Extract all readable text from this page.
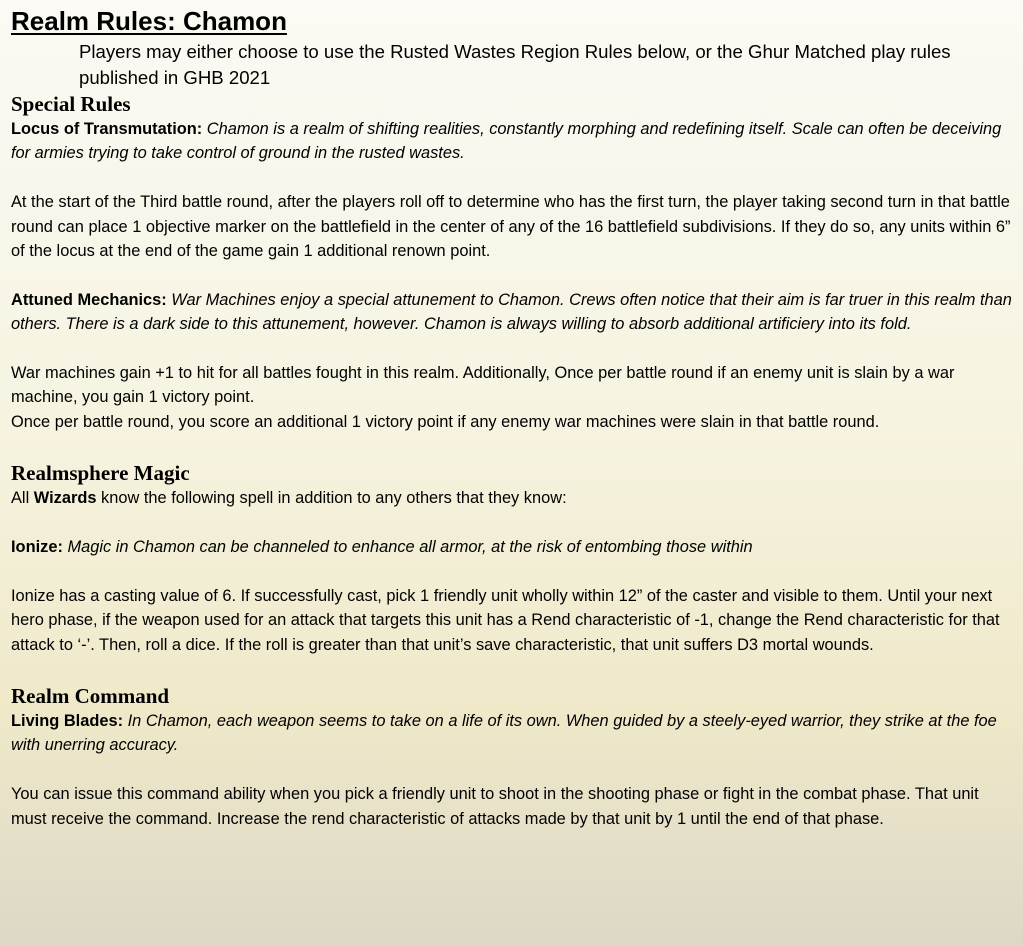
Realm Rules: Chamon
Players may either choose to use the Rusted Wastes Region Rules below, or the Ghur Matched play rules published in GHB 2021
Special Rules

Locus of Transmutation: Chamon is a realm of shifting realities, constantly morphing and redefining itself. Scale can often be deceiving for armies trying to take control of ground in the rusted wastes.

At the start of the Third battle round, after the players roll off to determine who has the first turn, the player taking second turn in that battle round can place 1 objective marker on the battlefield in the center of any of the 16 battlefield subdivisions. If they do so, any units within 6” of the locus at the end of the game gain 1 additional renown point.

Attuned Mechanics: War Machines enjoy a special attunement to Chamon. Crews often notice that their aim is far truer in this realm than others. There is a dark side to this attunement, however. Chamon is always willing to absorb additional artificiery into its fold.

War machines gain +1 to hit for all battles fought in this realm. Additionally, Once per battle round if an enemy unit is slain by a war machine, you gain 1 victory point.

Once per battle round, you score an additional 1 victory point if any enemy war machines were slain in that battle round.

Realmsphere Magic

All Wizards know the following spell in addition to any others that they know:

Ionize: Magic in Chamon can be channeled to enhance all armor, at the risk of entombing those within

Ionize has a casting value of 6. If successfully cast, pick 1 friendly unit wholly within 12” of the caster and visible to them. Until your next hero phase, if the weapon used for an attack that targets this unit has a Rend characteristic of -1, change the Rend characteristic for that attack to ‘-’. Then, roll a dice. If the roll is greater than that unit’s save characteristic, that unit suffers D3 mortal wounds.

Realm Command

Living Blades: In Chamon, each weapon seems to take on a life of its own. When guided by a steely-eyed warrior, they strike at the foe with unerring accuracy.

You can issue this command ability when you pick a friendly unit to shoot in the shooting phase or fight in the combat phase. That unit must receive the command. Increase the rend characteristic of attacks made by that unit by 1 until the end of that phase.
